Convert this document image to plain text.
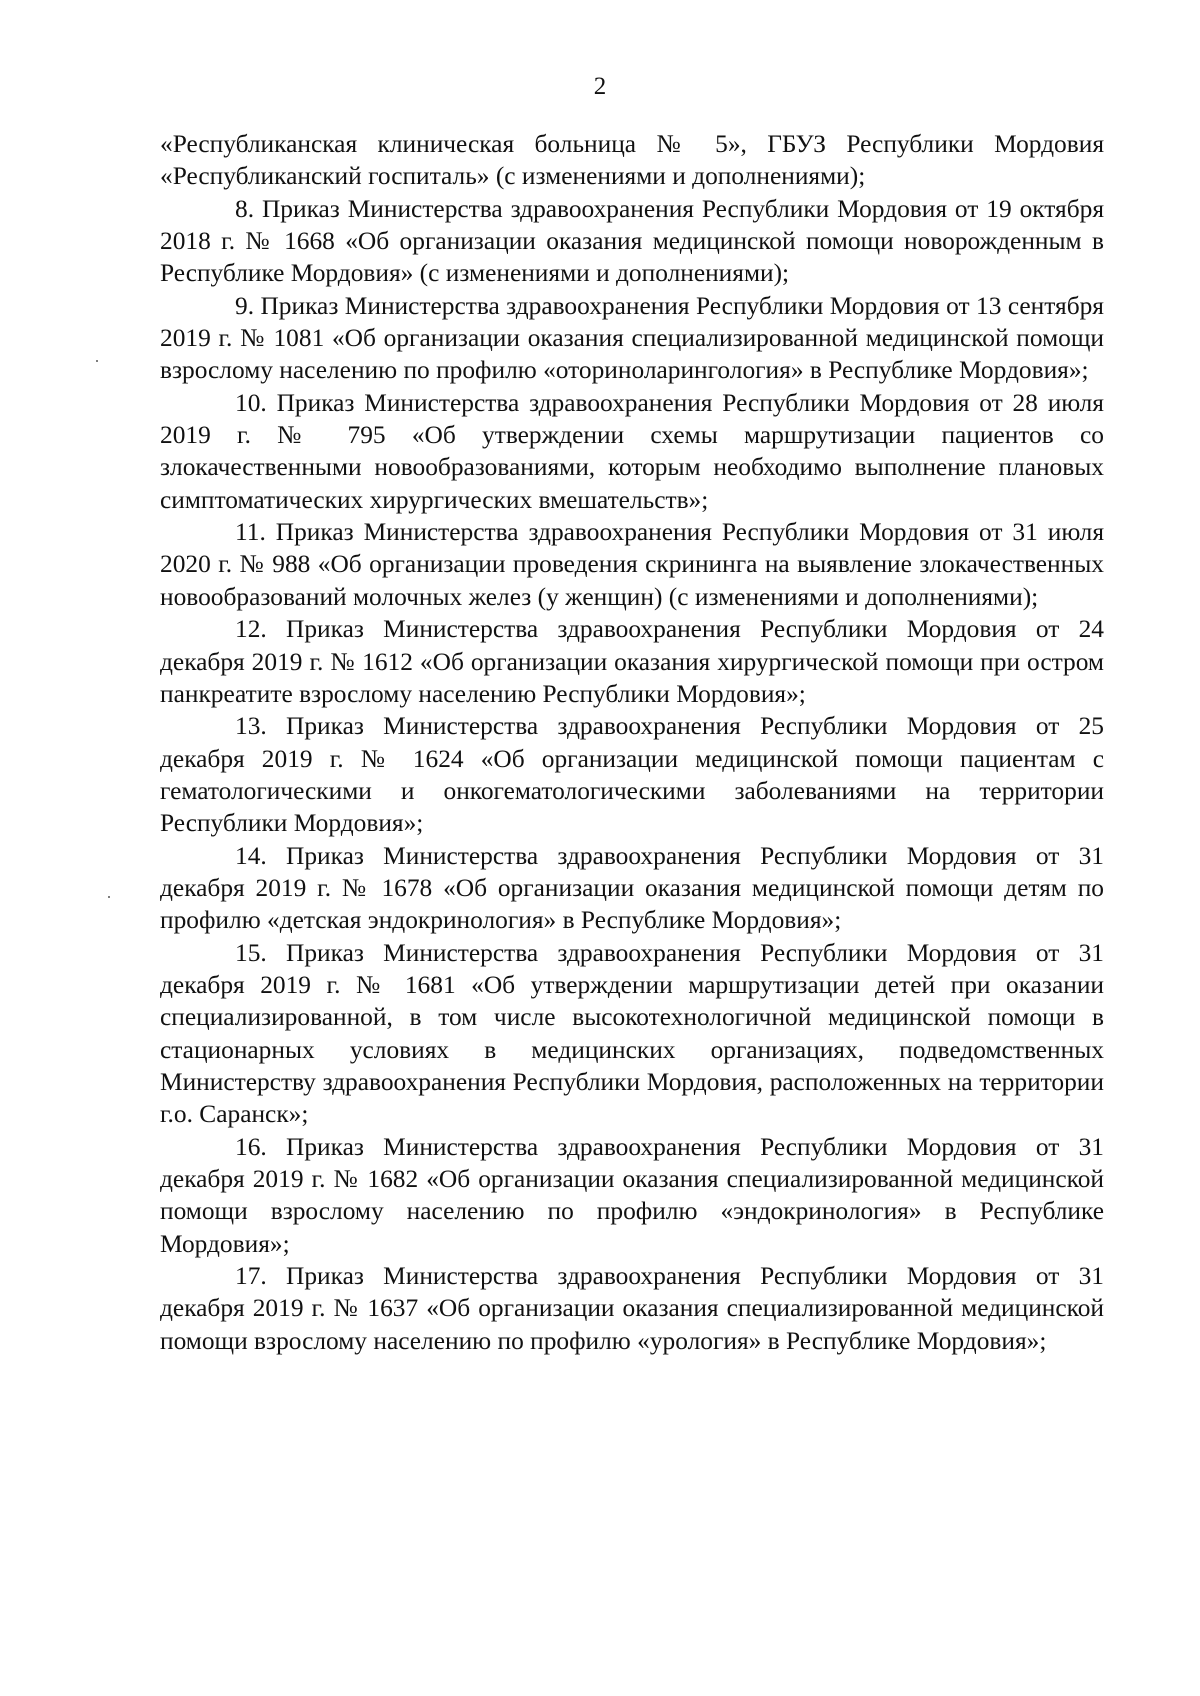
2

«Республиканская клиническая больница № 5», ГБУЗ Республики Мордовия «Республиканский госпиталь» (с изменениями и дополнениями);

8. Приказ Министерства здравоохранения Республики Мордовия от 19 октября 2018 г. № 1668 «Об организации оказания медицинской помощи новорожденным в Республике Мордовия» (с изменениями и дополнениями);

9. Приказ Министерства здравоохранения Республики Мордовия от 13 сентября 2019 г. № 1081 «Об организации оказания специализированной медицинской помощи взрослому населению по профилю «оториноларингология» в Республике Мордовия»;

10. Приказ Министерства здравоохранения Республики Мордовия от 28 июля 2019 г. № 795 «Об утверждении схемы маршрутизации пациентов со злокачественными новообразованиями, которым необходимо выполнение плановых симптоматических хирургических вмешательств»;

11. Приказ Министерства здравоохранения Республики Мордовия от 31 июля 2020 г. № 988 «Об организации проведения скрининга на выявление злокачественных новообразований молочных желез (у женщин) (с изменениями и дополнениями);

12. Приказ Министерства здравоохранения Республики Мордовия от 24 декабря 2019 г. № 1612 «Об организации оказания хирургической помощи при остром панкреатите взрослому населению Республики Мордовия»;

13. Приказ Министерства здравоохранения Республики Мордовия от 25 декабря 2019 г. № 1624 «Об организации медицинской помощи пациентам с гематологическими и онкогематологическими заболеваниями на территории Республики Мордовия»;

14. Приказ Министерства здравоохранения Республики Мордовия от 31 декабря 2019 г. № 1678 «Об организации оказания медицинской помощи детям по профилю «детская эндокринология» в Республике Мордовия»;

15. Приказ Министерства здравоохранения Республики Мордовия от 31 декабря 2019 г. № 1681 «Об утверждении маршрутизации детей при оказании специализированной, в том числе высокотехнологичной медицинской помощи в стационарных условиях в медицинских организациях, подведомственных Министерству здравоохранения Республики Мордовия, расположенных на территории г.о. Саранск»;

16. Приказ Министерства здравоохранения Республики Мордовия от 31 декабря 2019 г. № 1682 «Об организации оказания специализированной медицинской помощи взрослому населению по профилю «эндокринология» в Республике Мордовия»;

17. Приказ Министерства здравоохранения Республики Мордовия от 31 декабря 2019 г. № 1637 «Об организации оказания специализированной медицинской помощи взрослому населению по профилю «урология» в Республике Мордовия»;
